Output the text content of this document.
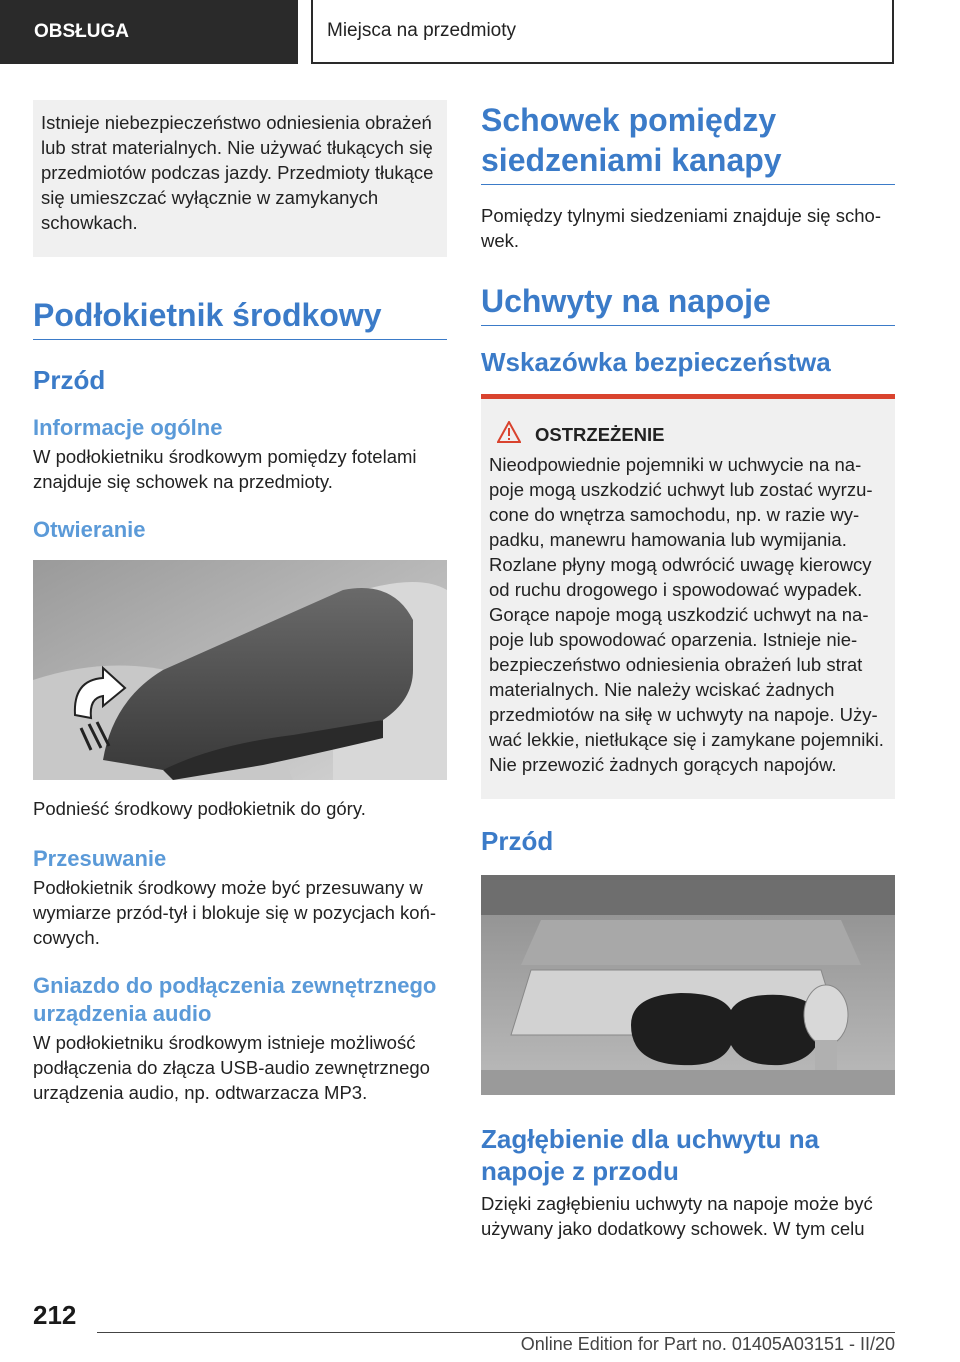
OBSŁUGA	Miejsca na przedmioty
Istnieje niebezpieczeństwo odniesienia obrażeń lub strat materialnych. Nie używać tłukących się przedmiotów podczas jazdy. Przedmioty tłukące się umieszczać wyłącznie w zamykanych schowkach.
Podłokietnik środkowy
Przód
Informacje ogólne

W podłokietniku środkowym pomiędzy fotelami znajduje się schowek na przedmioty.

Otwieranie

Podnieść środkowy podłokietnik do góry.

Przesuwanie

Podłokietnik środkowy może być przesuwany w wymiarze przód-tył i blokuje się w pozycjach końcowych.

Gniazdo do podłączenia zewnętrznego urządzenia audio

W podłokietniku środkowym istnieje możliwość podłączenia do złącza USB-audio zewnętrznego urządzenia audio, np. odtwarzacza MP3.

Schowek pomiędzy siedzeniami kanapy

Pomiędzy tylnymi siedzeniami znajduje się schowek.

Uchwyty na napoje
Wskazówka bezpieczeństwa
OSTRZEŻENIE

Nieodpowiednie pojemniki w uchwycie na napoje mogą uszkodzić uchwyt lub zostać wyrzucone do wnętrza samochodu, np. w razie wypadku, manewru hamowania lub wymijania. Rozlane płyny mogą odwrócić uwagę kierowcy od ruchu drogowego i spowodować wypadek. Gorące napoje mogą uszkodzić uchwyt na napoje lub spowodować oparzenia. Istnieje niebezpieczeństwo odniesienia obrażeń lub strat materialnych. Nie należy wciskać żadnych przedmiotów na siłę w uchwyty na napoje. Używać lekkie, nietłukące się i zamykane pojemniki. Nie przewozić żadnych gorących napojów.

Przód
Zagłębienie dla uchwytu na napoje z przodu

Dzięki zagłębieniu uchwyty na napoje może być używany jako dodatkowy schowek. W tym celu

212
Online Edition for Part no. 01405A03151 - II/20
